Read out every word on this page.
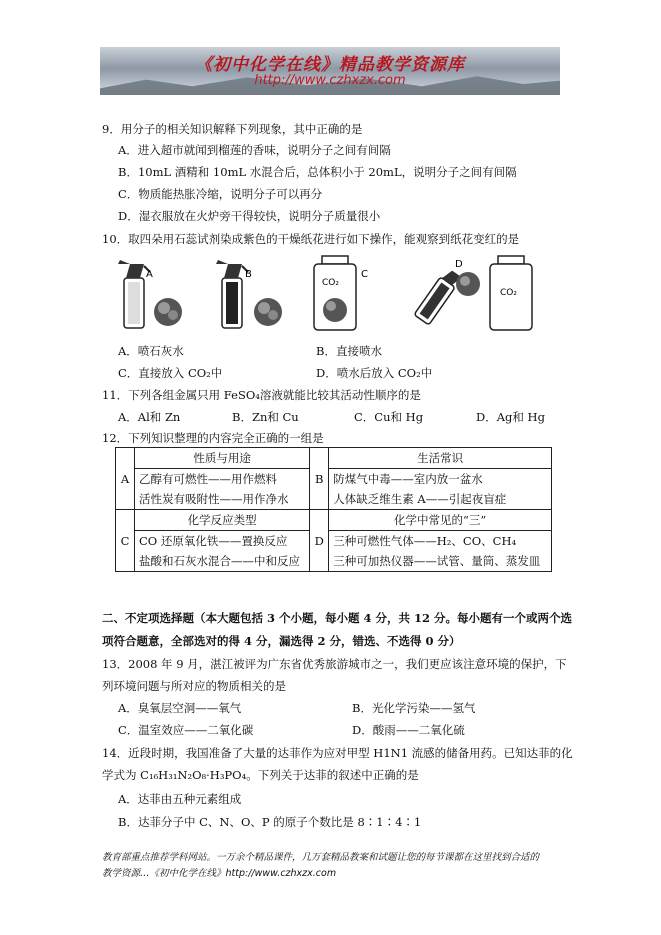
《初中化学在线》精品教学资源库
http://www.czhxzx.com
9．用分子的相关知识解释下列现象，其中正确的是
A．进入超市就闻到榴莲的香味，说明分子之间有间隔
B．10mL 酒精和 10mL 水混合后，总体积小于 20mL，说明分子之间有间隔
C．物质能热胀冷缩，说明分子可以再分
D．湿衣服放在火炉旁干得较快，说明分子质量很小
10．取四朵用石蕊试剂染成紫色的干燥纸花进行如下操作，能观察到纸花变红的是
A	B
CO₂
C
D
CO₂
A．喷石灰水	B．直接喷水
C．直接放入 CO₂中	D．喷水后放入 CO₂中
11．下列各组金属只用 FeSO₄溶液就能比较其活动性顺序的是
A．Al和 Zn	B．Zn和 Cu	C．Cu和 Hg	D．Ag和 Hg
12．下列知识整理的内容完全正确的一组是
A	性质与用途	B	生活常识
	乙醇有可燃性——用作燃料		防煤气中毒——室内放一盆水
	活性炭有吸附性——用作净水		人体缺乏维生素 A——引起夜盲症
C	化学反应类型	D	化学中常见的“三”
	CO 还原氧化铁——置换反应		三种可燃性气体——H₂、CO、CH₄
	盐酸和石灰水混合——中和反应		三种可加热仪器——试管、量筒、蒸发皿
二、不定项选择题（本大题包括 3 个小题，每小题 4 分，共 12 分。每小题有一个或两个选
项符合题意，全部选对的得 4 分，漏选得 2 分，错选、不选得 0 分）
13．2008 年 9 月，湛江被评为广东省优秀旅游城市之一，我们更应该注意环境的保护，下
列环境问题与所对应的物质相关的是
A．臭氧层空洞——氧气	B．光化学污染——氢气
C．温室效应——二氧化碳	D．酸雨——二氧化硫
14．近段时期，我国准备了大量的达菲作为应对甲型 H1N1 流感的储备用药。已知达菲的化
学式为 C₁₆H₃₁N₂O₈·H₃PO₄。下列关于达菲的叙述中正确的是
A．达菲由五种元素组成
B．达菲分子中 C、N、O、P 的原子个数比是 8∶1∶4∶1
教育部重点推荐学科网站。一万余个精品课件，几万套精品教案和试题让您的每节课都在这里找到合适的
教学资源…《初中化学在线》http://www.czhxzx.com
